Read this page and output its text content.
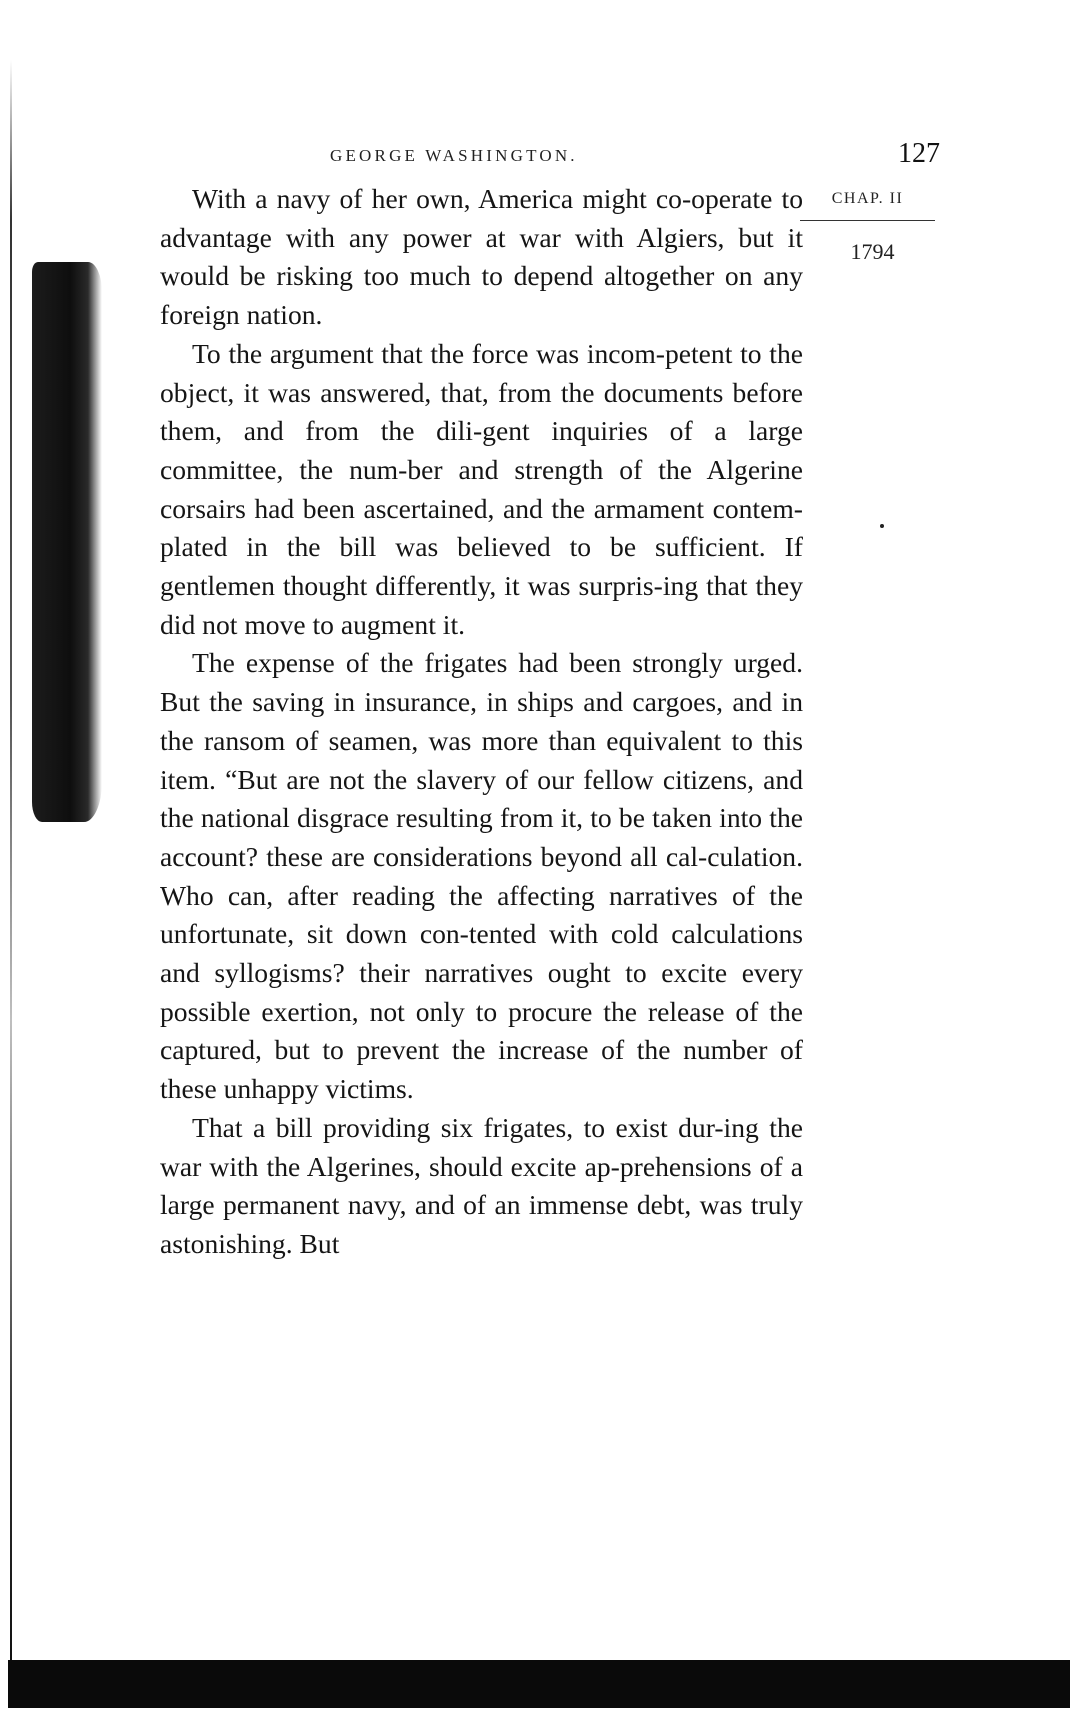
GEORGE WASHINGTON.	127
CHAP. II
1794

With a navy of her own, America might co-operate to advantage with any power at war with Algiers, but it would be risking too much to depend altogether on any foreign nation.

To the argument that the force was incom-petent to the object, it was answered, that, from the documents before them, and from the dili-gent inquiries of a large committee, the num-ber and strength of the Algerine corsairs had been ascertained, and the armament contem-plated in the bill was believed to be sufficient. If gentlemen thought differently, it was surpris-ing that they did not move to augment it.

The expense of the frigates had been strongly urged. But the saving in insurance, in ships and cargoes, and in the ransom of seamen, was more than equivalent to this item. “But are not the slavery of our fellow citizens, and the national disgrace resulting from it, to be taken into the account? these are considerations beyond all cal-culation. Who can, after reading the affecting narratives of the unfortunate, sit down con-tented with cold calculations and syllogisms? their narratives ought to excite every possible exertion, not only to procure the release of the captured, but to prevent the increase of the number of these unhappy victims.

That a bill providing six frigates, to exist dur-ing the war with the Algerines, should excite ap-prehensions of a large permanent navy, and of an immense debt, was truly astonishing. But
